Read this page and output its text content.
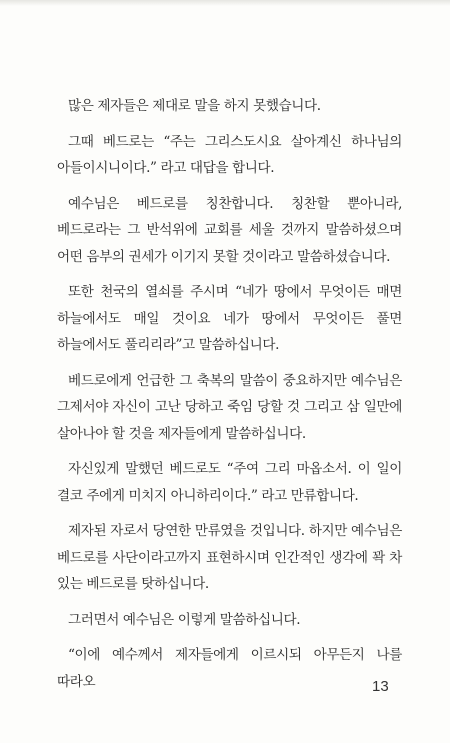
많은 제자들은 제대로 말을 하지 못했습니다.

그때 베드로는 “주는 그리스도시요 살아계신 하나님의 아들이시니이다.” 라고 대답을 합니다.

예수님은 베드로를 칭찬합니다. 칭찬할 뿐아니라, 베드로라는 그 반석위에 교회를 세울 것까지 말씀하셨으며 어떤 음부의 권세가 이기지 못할 것이라고 말씀하셨습니다.

또한 천국의 열쇠를 주시며 “네가 땅에서 무엇이든 매면 하늘에서도 매일 것이요 네가 땅에서 무엇이든 풀면 하늘에서도 풀리리라”고 말씀하십니다.

베드로에게 언급한 그 축복의 말씀이 중요하지만 예수님은 그제서야 자신이 고난 당하고 죽임 당할 것 그리고 삼 일만에 살아나야 할 것을 제자들에게 말씀하십니다.

자신있게 말했던 베드로도 “주여 그리 마옵소서. 이 일이 결코 주에게 미치지 아니하리이다.” 라고 만류합니다.

제자된 자로서 당연한 만류였을 것입니다. 하지만 예수님은 베드로를 사단이라고까지 표현하시며 인간적인 생각에 꽉 차 있는 베드로를 탓하십니다.

그러면서 예수님은 이렇게 말씀하십니다.

“이에 예수께서 제자들에게 이르시되 아무든지 나를 따라오	13
